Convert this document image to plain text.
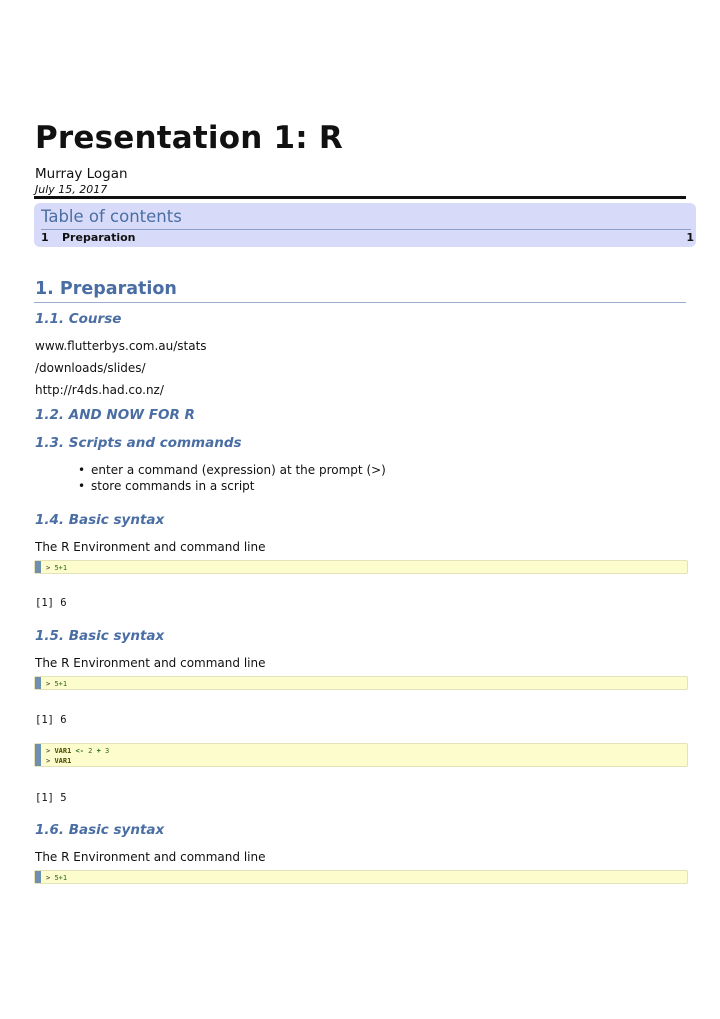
Presentation 1: R
Murray Logan
July 15, 2017
Table of contents
1 Preparation	1
1. Preparation
1.1. Course
www.flutterbys.com.au/stats
/downloads/slides/
http://r4ds.had.co.nz/
1.2. AND NOW FOR R
1.3. Scripts and commands
• enter a command (expression) at the prompt (>)
• store commands in a script
1.4. Basic syntax
The R Environment and command line
> 5+1
[1] 6
1.5. Basic syntax
The R Environment and command line
> 5+1
[1] 6
> VAR1 <- 2 + 3
> VAR1
[1] 5
1.6. Basic syntax
The R Environment and command line
> 5+1
